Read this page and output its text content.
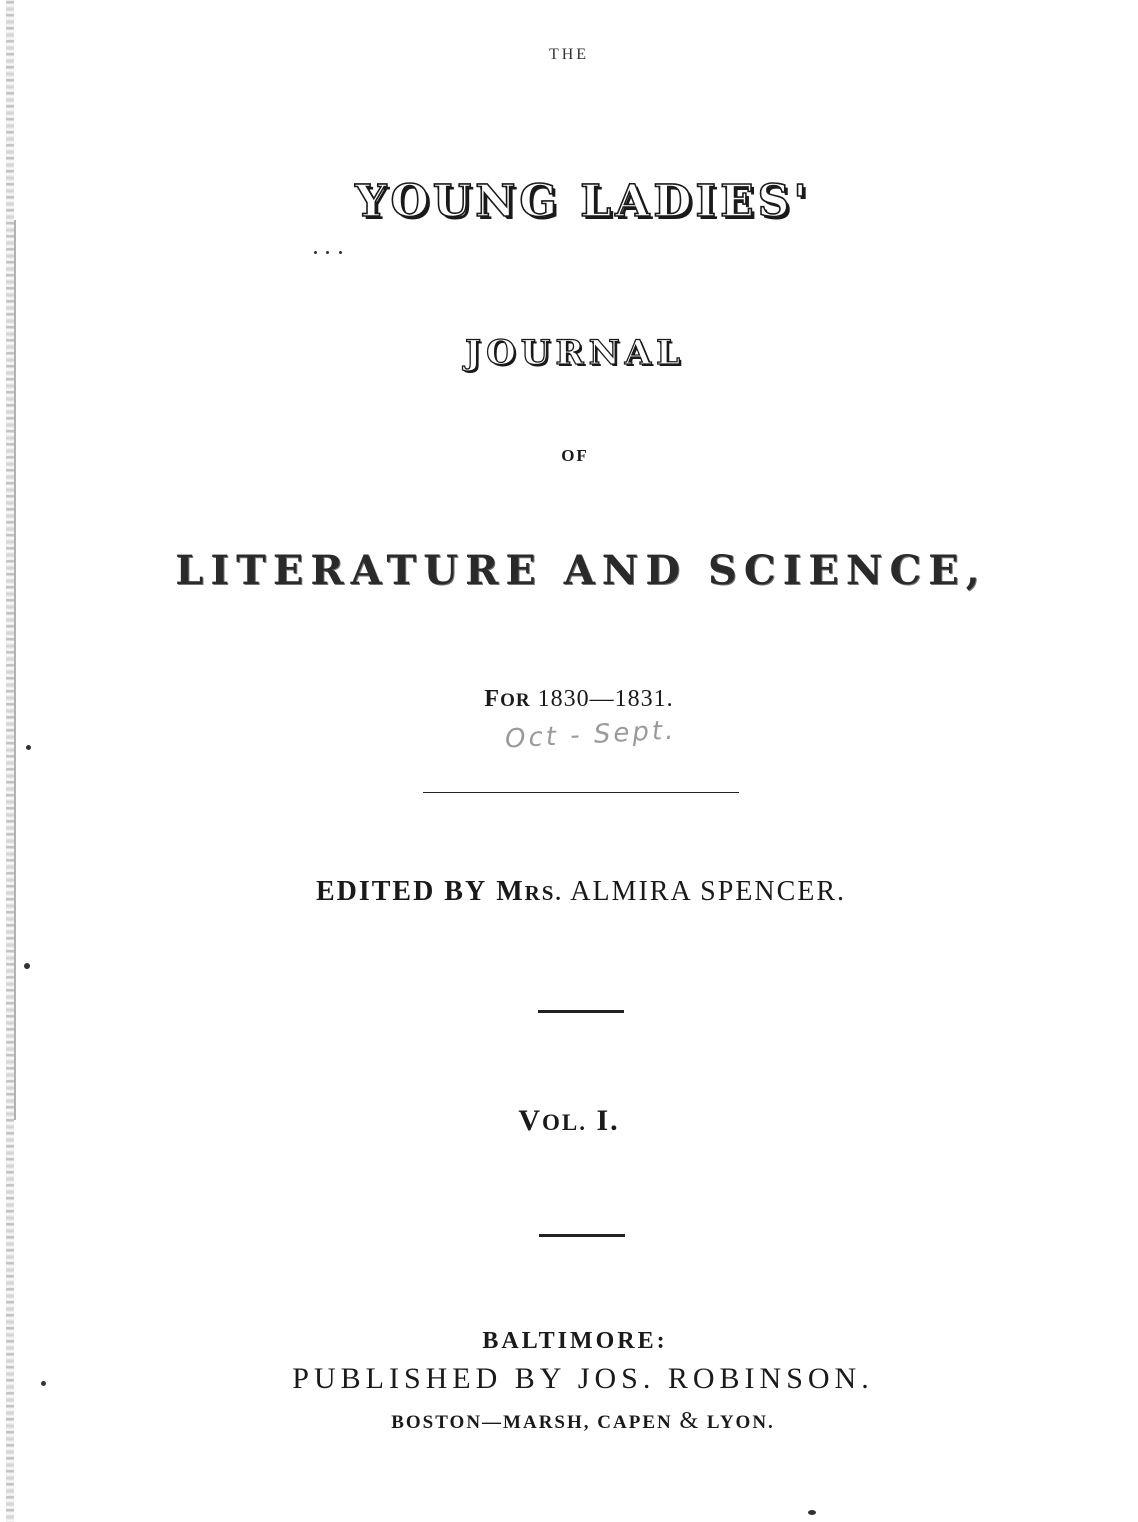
THE
YOUNG LADIES'
JOURNAL
OF
LITERATURE AND SCIENCE,
FOR 1830—1831.
Oct - Sept.
EDITED BY MRS. ALMIRA SPENCER.
VOL. I.
BALTIMORE:
PUBLISHED BY JOS. ROBINSON.
BOSTON—MARSH, CAPEN & LYON.
